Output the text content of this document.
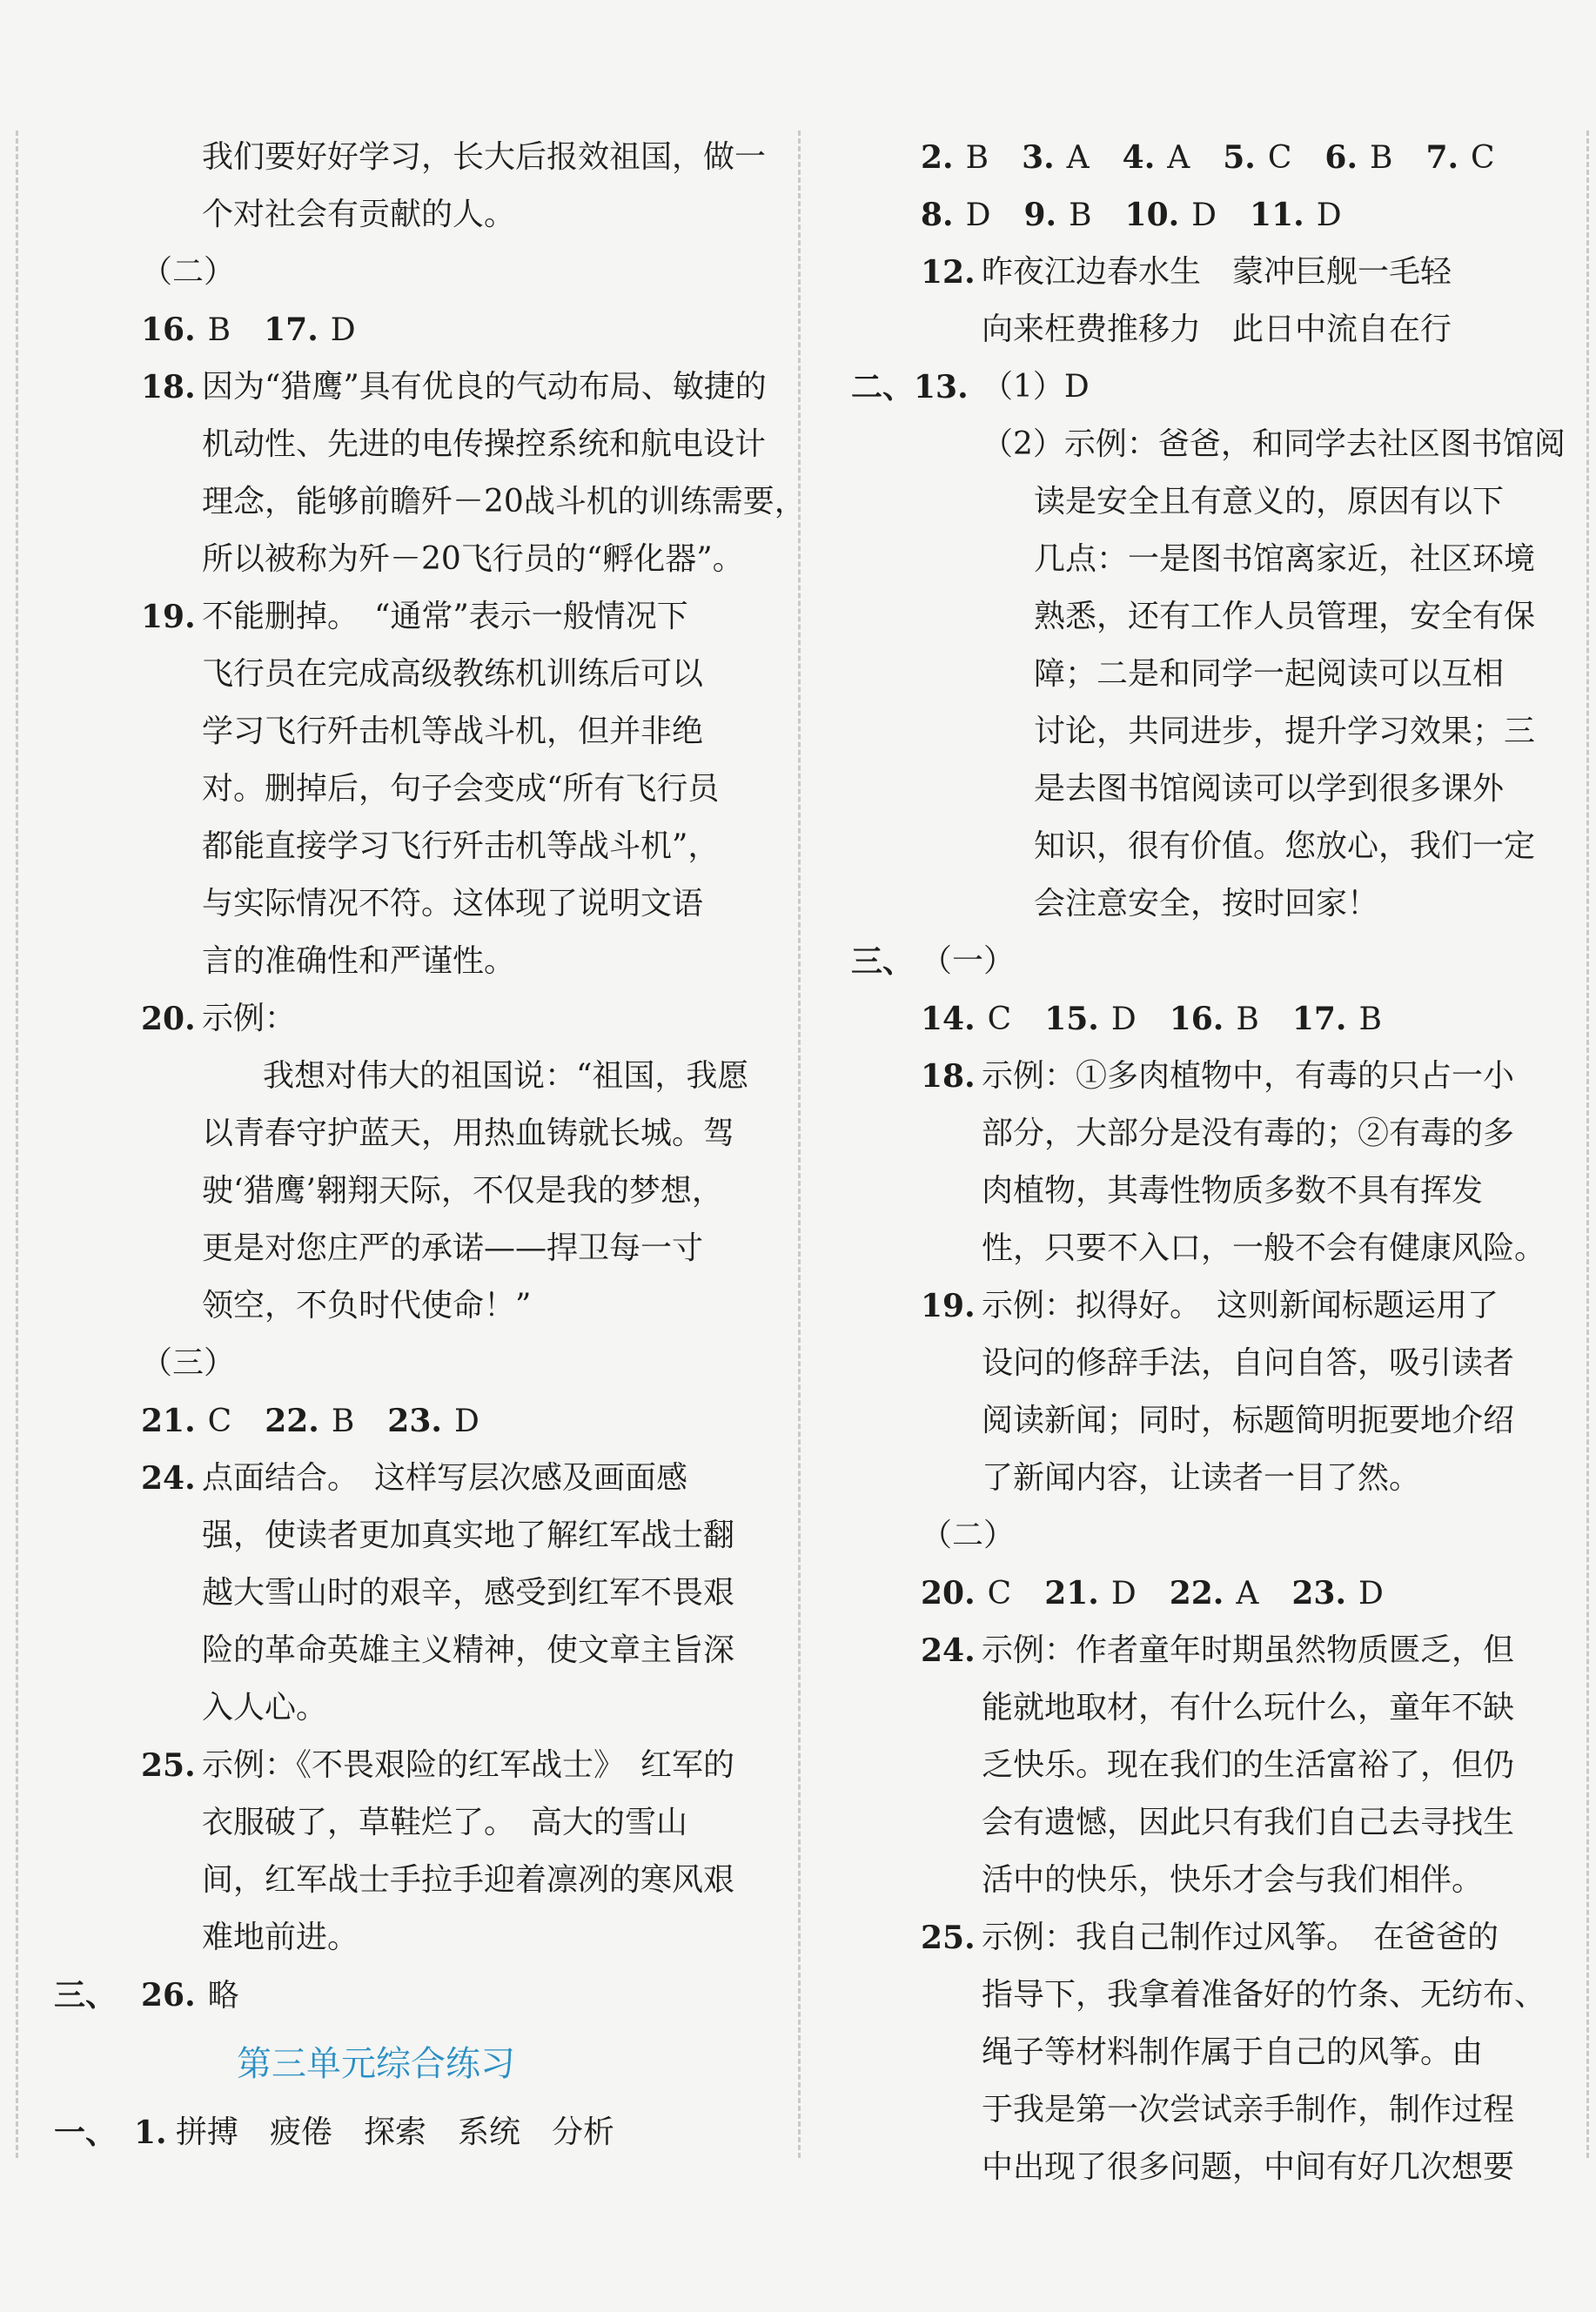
我们要好好学习，长大后报效祖国，做一
个对社会有贡献的人。
（二）
16. B 17. D
18. 因为“猎鹰”具有优良的气动布局、敏捷的
机动性、先进的电传操控系统和航电设计
理念，能够前瞻歼－20战斗机的训练需要，
所以被称为歼－20飞行员的“孵化器”。
19. 不能删掉。　“通常”表示一般情况下
飞行员在完成高级教练机训练后可以
学习飞行歼击机等战斗机，但并非绝
对。删掉后，句子会变成“所有飞行员
都能直接学习飞行歼击机等战斗机”，
与实际情况不符。这体现了说明文语
言的准确性和严谨性。
20. 示例：
我想对伟大的祖国说：“祖国，我愿
以青春守护蓝天，用热血铸就长城。驾
驶‘猎鹰’翱翔天际，不仅是我的梦想，
更是对您庄严的承诺——捍卫每一寸
领空，不负时代使命！”
（三）
21. C 22. B 23. D
24. 点面结合。　这样写层次感及画面感
强，使读者更加真实地了解红军战士翻
越大雪山时的艰辛，感受到红军不畏艰
险的革命英雄主义精神，使文章主旨深
入人心。
25. 示例：《不畏艰险的红军战士》　红军的
衣服破了，草鞋烂了。　高大的雪山
间，红军战士手拉手迎着凛冽的寒风艰
难地前进。
三、 26. 略
第三单元综合练习
一、 1. 拼搏　疲倦　探索　系统　分析
2. B 3. A 4. A 5. C 6. B 7. C
8. D 9. B 10. D 11. D
12. 昨夜江边春水生　蒙冲巨舰一毛轻
向来枉费推移力　此日中流自在行
二、13. （1）D
（2）示例：爸爸，和同学去社区图书馆阅
读是安全且有意义的，原因有以下
几点：一是图书馆离家近，社区环境
熟悉，还有工作人员管理，安全有保
障；二是和同学一起阅读可以互相
讨论，共同进步，提升学习效果；三
是去图书馆阅读可以学到很多课外
知识，很有价值。您放心，我们一定
会注意安全，按时回家！
三、 （一）
14. C 15. D 16. B 17. B
18. 示例：①多肉植物中，有毒的只占一小
部分，大部分是没有毒的；②有毒的多
肉植物，其毒性物质多数不具有挥发
性，只要不入口，一般不会有健康风险。
19. 示例：拟得好。　这则新闻标题运用了
设问的修辞手法，自问自答，吸引读者
阅读新闻；同时，标题简明扼要地介绍
了新闻内容，让读者一目了然。
（二）
20. C 21. D 22. A 23. D
24. 示例：作者童年时期虽然物质匮乏，但
能就地取材，有什么玩什么，童年不缺
乏快乐。现在我们的生活富裕了，但仍
会有遗憾，因此只有我们自己去寻找生
活中的快乐，快乐才会与我们相伴。
25. 示例：我自己制作过风筝。　在爸爸的
指导下，我拿着准备好的竹条、无纺布、
绳子等材料制作属于自己的风筝。由
于我是第一次尝试亲手制作，制作过程
中出现了很多问题，中间有好几次想要
